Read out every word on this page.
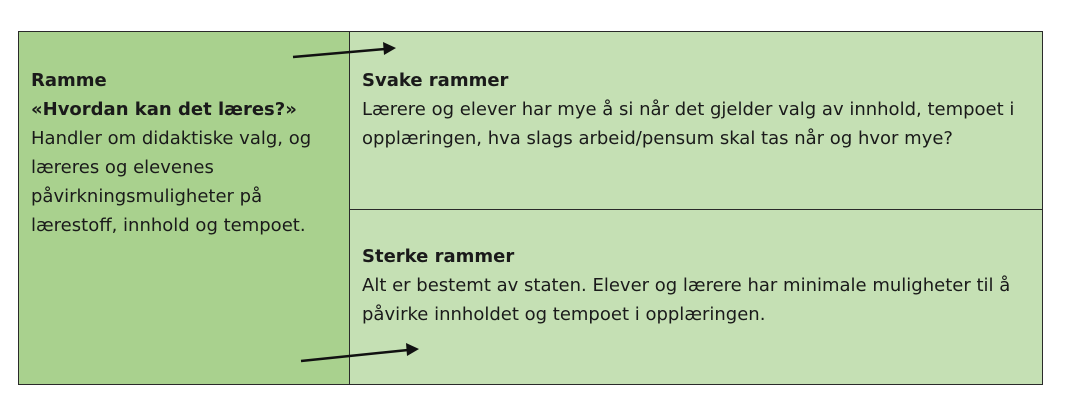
Ramme
«Hvordan kan det læres?»
Handler om didaktiske valg, og læreres og elevenes påvirkningsmuligheter på lærestoff, innhold og tempoet.
Svake rammer
Lærere og elever har mye å si når det gjelder valg av innhold, tempoet i opplæringen, hva slags arbeid/pensum skal tas når og hvor mye?
Sterke rammer
Alt er bestemt av staten. Elever og lærere har minimale muligheter til å påvirke innholdet og tempoet i opplæringen.
